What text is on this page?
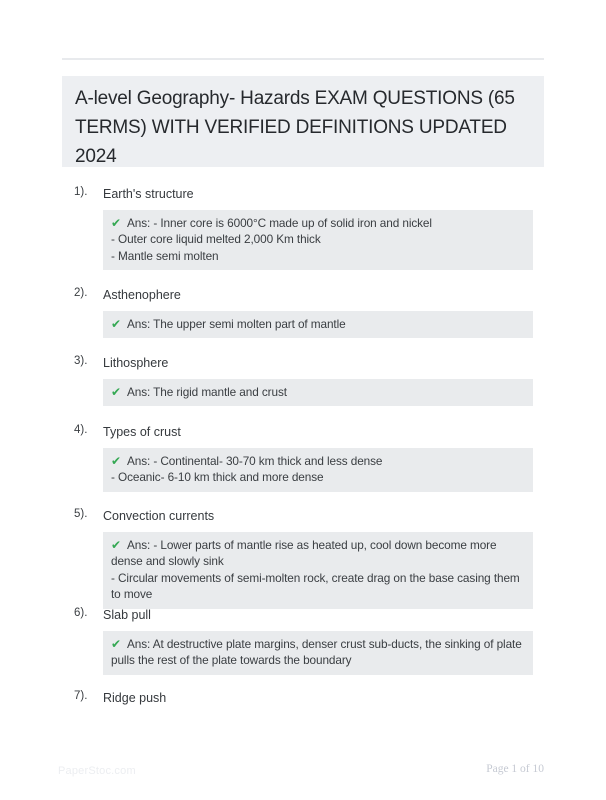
A-level Geography- Hazards EXAM QUESTIONS (65 TERMS) WITH VERIFIED DEFINITIONS UPDATED 2024
1).	Earth's structure
✔ Ans: - Inner core is 6000°C made up of solid iron and nickel
- Outer core liquid melted 2,000 Km thick
- Mantle semi molten
2).	Asthenophere
✔ Ans: The upper semi molten part of mantle
3).	Lithosphere
✔ Ans: The rigid mantle and crust
4).	Types of crust
✔ Ans: - Continental- 30-70 km thick and less dense
- Oceanic- 6-10 km thick and more dense
5).	Convection currents
✔ Ans: - Lower parts of mantle rise as heated up, cool down become more dense and slowly sink
- Circular movements of semi-molten rock, create drag on the base casing them to move
6).	Slab pull
✔ Ans: At destructive plate margins, denser crust sub-ducts, the sinking of plate pulls the rest of the plate towards the boundary
7).	Ridge push
PaperStoc.com	Page 1 of 10
